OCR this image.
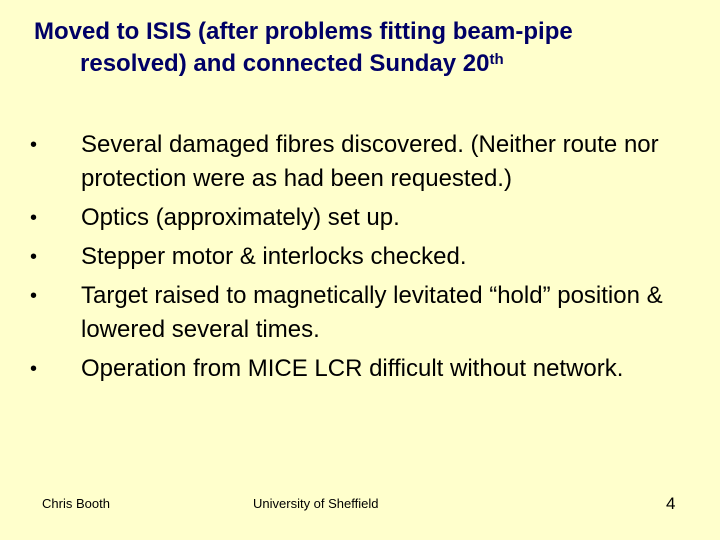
Moved to ISIS (after problems fitting beam-pipe
resolved) and connected Sunday 20th
• Several damaged fibres discovered. (Neither route nor protection were as had been requested.)
• Optics (approximately) set up.
• Stepper motor & interlocks checked.
• Target raised to magnetically levitated “hold” position & lowered several times.
• Operation from MICE LCR difficult without network.
Chris Booth	University of Sheffield	4
